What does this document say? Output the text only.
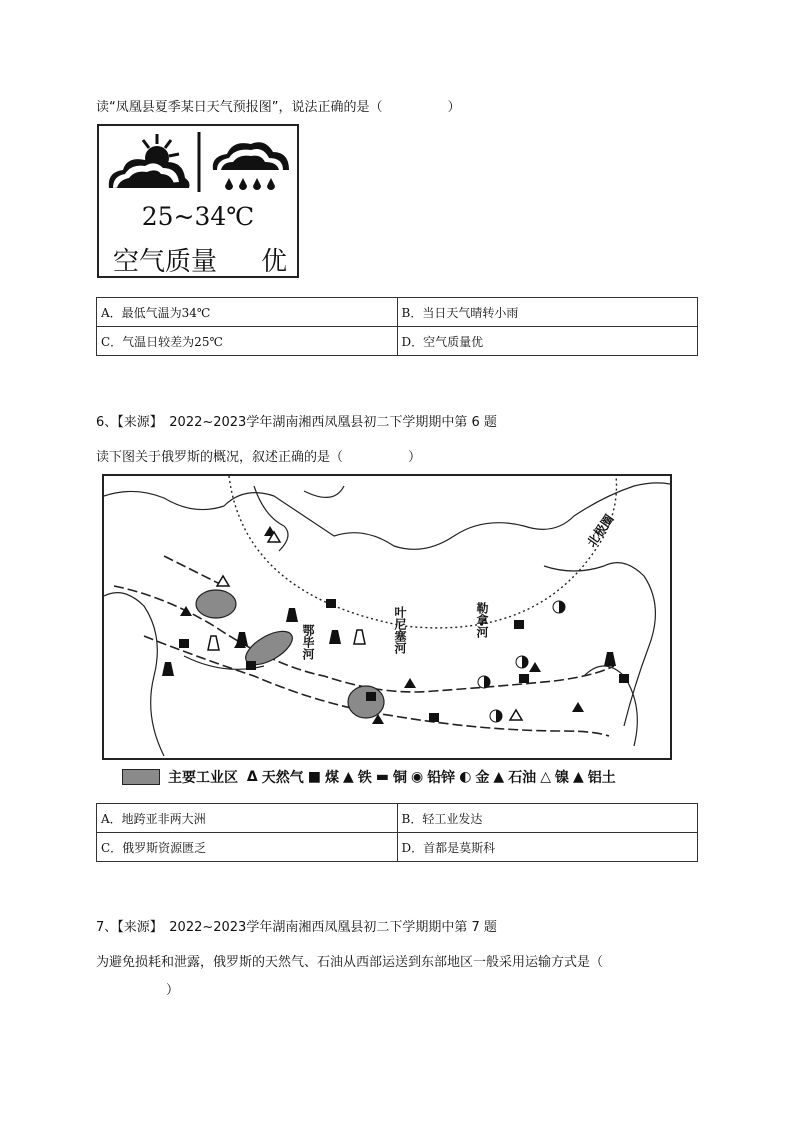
读“凤凰县夏季某日天气预报图”，说法正确的是（　　　　　）
25~34℃
空气质量 优
A．最低气温为34℃	B．当日天气晴转小雨
C．气温日较差为25℃	D．空气质量优
6、【来源】　2022~2023学年湖南湘西凤凰县初二下学期期中第 6 题
读下图关于俄罗斯的概况，叙述正确的是（　　　　　）
鄂毕河	叶尼塞河	勒拿河
北极圈
主要工业区 Δ 天然气 ■ 煤 ▲ 铁 ▬ 铜 ◉ 铅锌 ◐ 金 ▲ 石油 △ 镍 ▲ 铝土
A．地跨亚非两大洲	B．轻工业发达
C．俄罗斯资源匮乏	D．首都是莫斯科
7、【来源】　2022~2023学年湖南湘西凤凰县初二下学期期中第 7 题
为避免损耗和泄露，俄罗斯的天然气、石油从西部运送到东部地区一般采用运输方式是（
）
